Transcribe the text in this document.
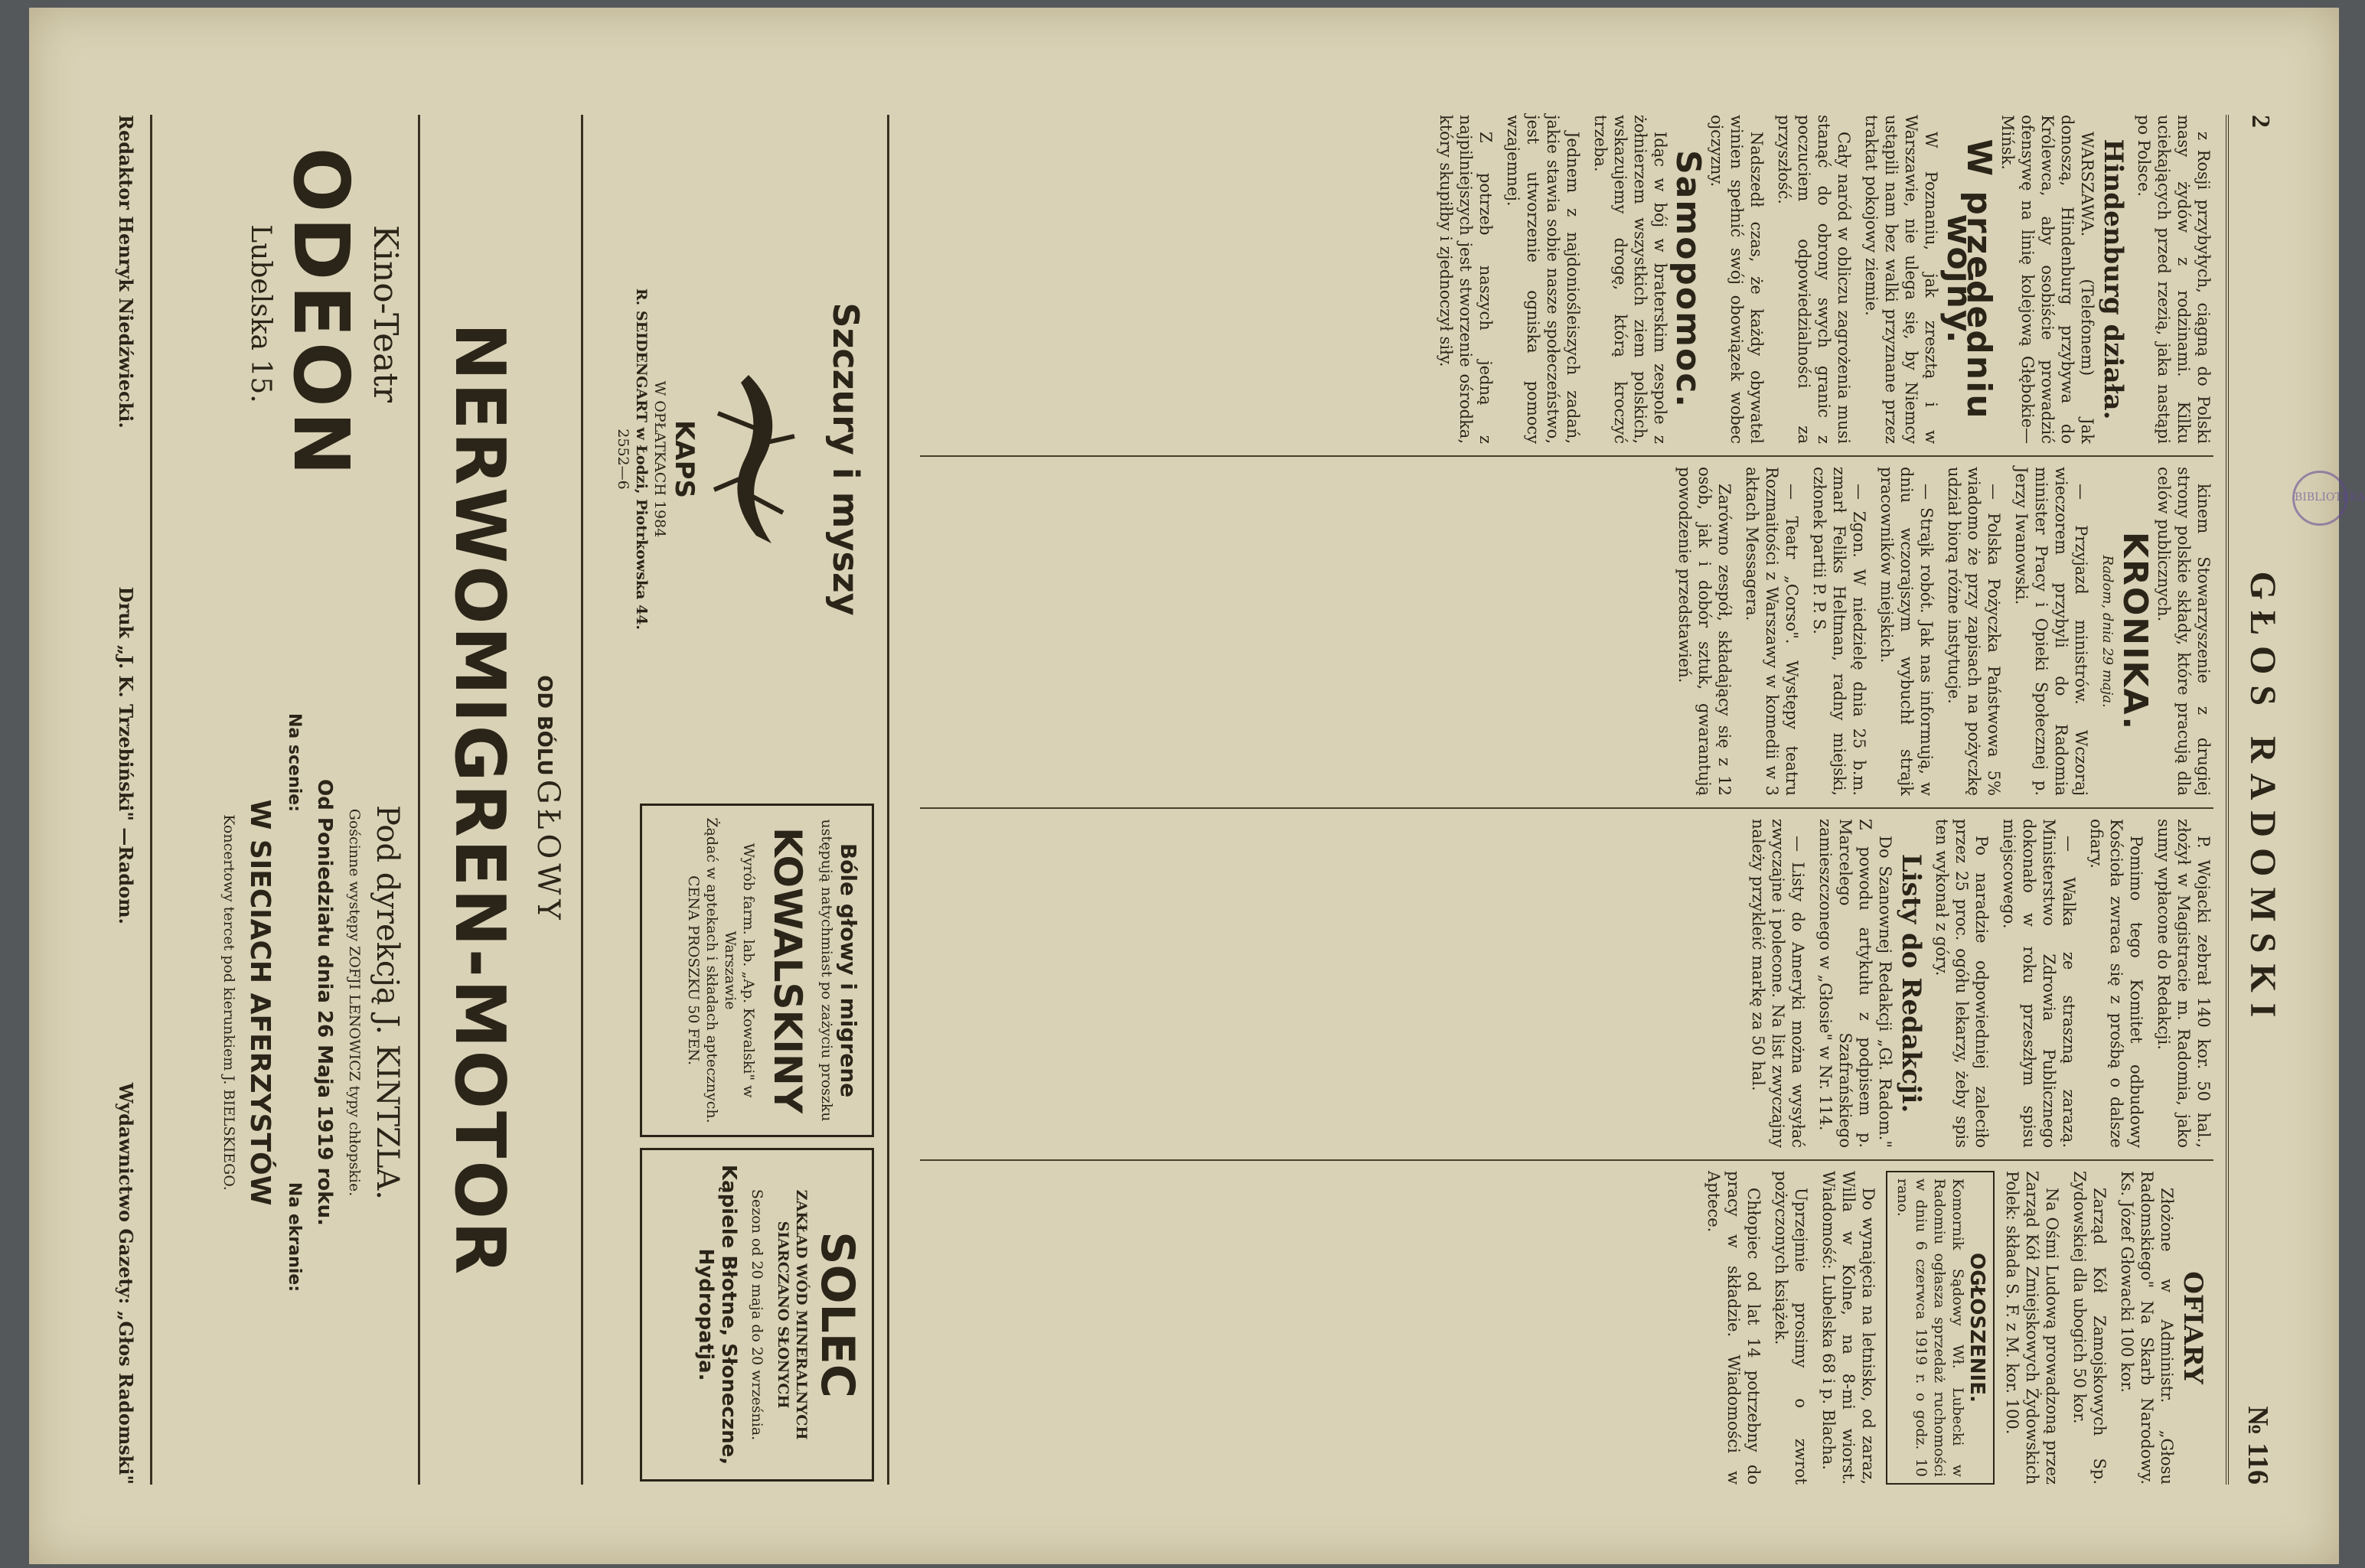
2
GŁOS RADOMSKI
№ 116

z Rosji przybyłych, ciągną do Polski masy żydów z rodzinami. Kilku uciekających przed rzezią, jaka nastąpi po Polsce.

Hindenburg działa.

WARSZAWA. (Telefonem) Jak donoszą, Hindenburg przybywa do Królewca, aby osobiście prowadzić ofensywę na linię kolejową Głębokie—Mińsk.

W przededniu wojny.

W Poznaniu, jak zresztą i w Warszawie, nie ulega się, by Niemcy ustąpili nam bez walki przyznane przez traktat pokojowy ziemie.

Cały naród w obliczu zagrożenia musi stanąć do obrony swych granic z poczuciem odpowiedzialności za przyszłość.

Nadszedł czas, że każdy obywatel winien spełnić swój obowiązek wobec ojczyzny.

Samopomoc.

Idąc w bój w braterskim zespole z żołnierzem wszystkich ziem polskich, wskazujemy drogę, którą kroczyć trzeba.

Jednem z najdoniośleiszych zadań, jakie stawia sobie nasze społeczeństwo, jest utworzenie ogniska pomocy wzajemnej.

Z potrzeb naszych jedną z najpilniejszych jest stworzenie ośrodka, który skupiłby i zjednoczył siły.

kinem Stowarzyszenie z drugiej strony polskie składy, które pracują dla celów publicznych.

KRONIKA.
Radom, dnia 29 maja.

— Przyjazd ministrów. Wczoraj wieczorem przybyli do Radomia minister Pracy i Opieki Społecznej p. Jerzy Iwanowski.

— Polska Pożyczka Państwowa 5% wiadomo że przy zapisach na pożyczkę udział biorą różne instytucje.

— Strajk robót. Jak nas informują, w dniu wczorajszym wybuchł strajk pracowników miejskich.

— Zgon. W niedzielę dnia 25 b.m. zmarł Feliks Heltman, radny miejski, członek partii P. P. S.

— Teatr „Corso". Występy teatru Rozmaitości z Warszawy w komedii w 3 aktach Messagera.

Zarówno zespół, składający się z 12 osób, jak i dobór sztuk, gwarantują powodzenie przedstawień.

P. Wojacki zebrał 140 kor. 50 hal., złożył w Magistracie m. Radomia, jako sumy wpłacone do Redakcji.

Pomimo tego Komitet odbudowy Kościoła zwraca się z prośbą o dalsze ofiary.

— Walka ze straszną zarazą. Ministerstwo Zdrowia Publicznego dokonało w roku przeszłym spisu miejscowego.

Po naradzie odpowiedniej zaleciło przez 25 proc. ogółu lekarzy, żeby spis ten wykonał z góry.

Listy do Redakcji.

Do Szanownej Redakcji „Gł. Radom." Z powodu artykułu z podpisem p. Marcelego Szafrańskiego zamieszczonego w „Głosie" w Nr. 114.

— Listy do Ameryki można wysyłać zwyczajne i polecone. Na list zwyczajny należy przykleić markę za 50 hal.

OFIARY

Złożone w Administr. „Głosu Radomskiego" Na Skarb Narodowy. Ks. Józef Głowacki 100 kor.

Zarząd Kół Zamojskowych Sp. Zydowskiej dla ubogich 50 kor.

Na Ośmi Ludową prowadzoną przez Zarząd Kół Zmiejskowych Żydowskich Polek: składa S. F. z M. kor. 100.

OGŁOSZENIE.
Komornik Sądowy Wł. Lubecki w Radomiu ogłasza sprzedaż ruchomości w dniu 6 czerwca 1919 r. o godz. 10 rano.

Do wynajęcia na letnisko, od zaraz, Willa w Kolne, na 8-mi wiorst. Wiadomość: Lubelska 68 i p. Blacha.

Uprzejmie prosimy o zwrot pożyczonych książek.

Chłopiec od lat 14 potrzebny do pracy w składzie. Wiadomości w Aptece.

Szczury i myszy
KAPS
W OPŁATKACH 1984
R. SEIDENGART w Łodzi, Piotrkowska 44.
2552—6
Bóle głowy i migrene
ustępują natychmiast po zażyciu proszku
KOWALSKINY
Wyrób farm. lab. „Ap. Kowalski" w Warszawie
Żądać w aptekach i składach aptecznych. CENA PROSZKU 50 FEN.
SOLEC
ZAKŁAD WÓD MINERALNYCH SIARCZANO SŁONYCH
Sezon od 20 maja do 20 września.
Kąpiele Błotne, Słoneczne, Hydropatja.
OD BÓLU GŁOWY
NERWOMIGREN-MOTOR
Kino-Teatr
ODEON
Lubelska 15.
Pod dyrekcją J. KINTZLA.
Gościnne występy ZOFJI LENOWICZ typy chłopskie.
Od Poniedziału dnia 26 Maja 1919 roku.
Na scenie:
Na ekranie:
W SIECIACH AFERZYSTÓW
Koncertowy tercet pod kierunkiem J. BIELSKIEGO.
Redaktor Henryk Niedźwiecki.
Druk „J. K. Trzebiński" —Radom.
Wydawnictwo Gazety: „Głos Radomski"
BIBLIOTEKA
